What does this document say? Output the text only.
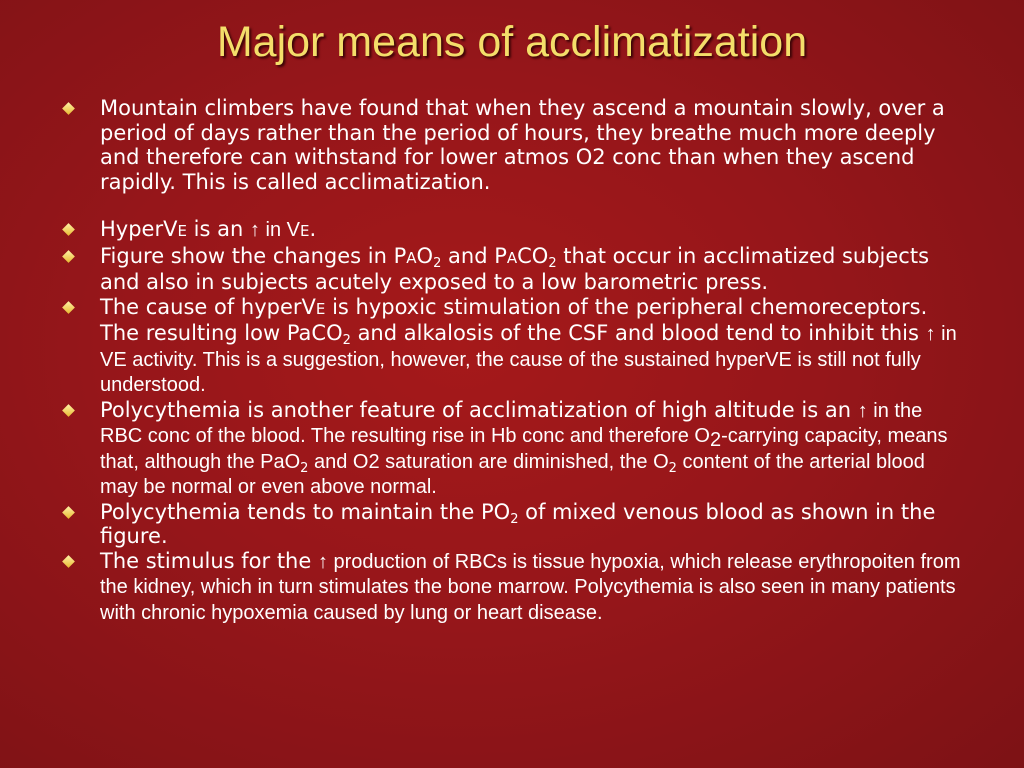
Major means of acclimatization
Mountain climbers have found that when they ascend a mountain slowly, over a period of days rather than the period of hours, they breathe much more deeply and therefore can withstand for lower atmos O2 conc than when they ascend rapidly. This is called acclimatization.
HyperVE is an ↑ in VE.
Figure show the changes in $PAO_2$ and $PACO_2$ that occur in acclimatized subjects and also in subjects acutely exposed to a low barometric press.
The cause of hyperVE is hypoxic stimulation of the peripheral chemoreceptors. The resulting low PaCO$_2$ and alkalosis of the CSF and blood tend to inhibit this ↑ in VE activity. This is a suggestion, however, the cause of the sustained hyperVE is still not fully understood.
Polycythemia is another feature of acclimatization of high altitude is an ↑ in the RBC conc of the blood. The resulting rise in Hb conc and therefore $O_2$-carrying capacity, means that, although the PaO$_2$ and O2 saturation are diminished, the $O_2$ content of the arterial blood may be normal or even above normal.
Polycythemia tends to maintain the $PO_2$ of mixed venous blood as shown in the figure.
The stimulus for the ↑ production of RBCs is tissue hypoxia, which release erythropoiten from the kidney, which in turn stimulates the bone marrow. Polycythemia is also seen in many patients with chronic hypoxemia caused by lung or heart disease.
